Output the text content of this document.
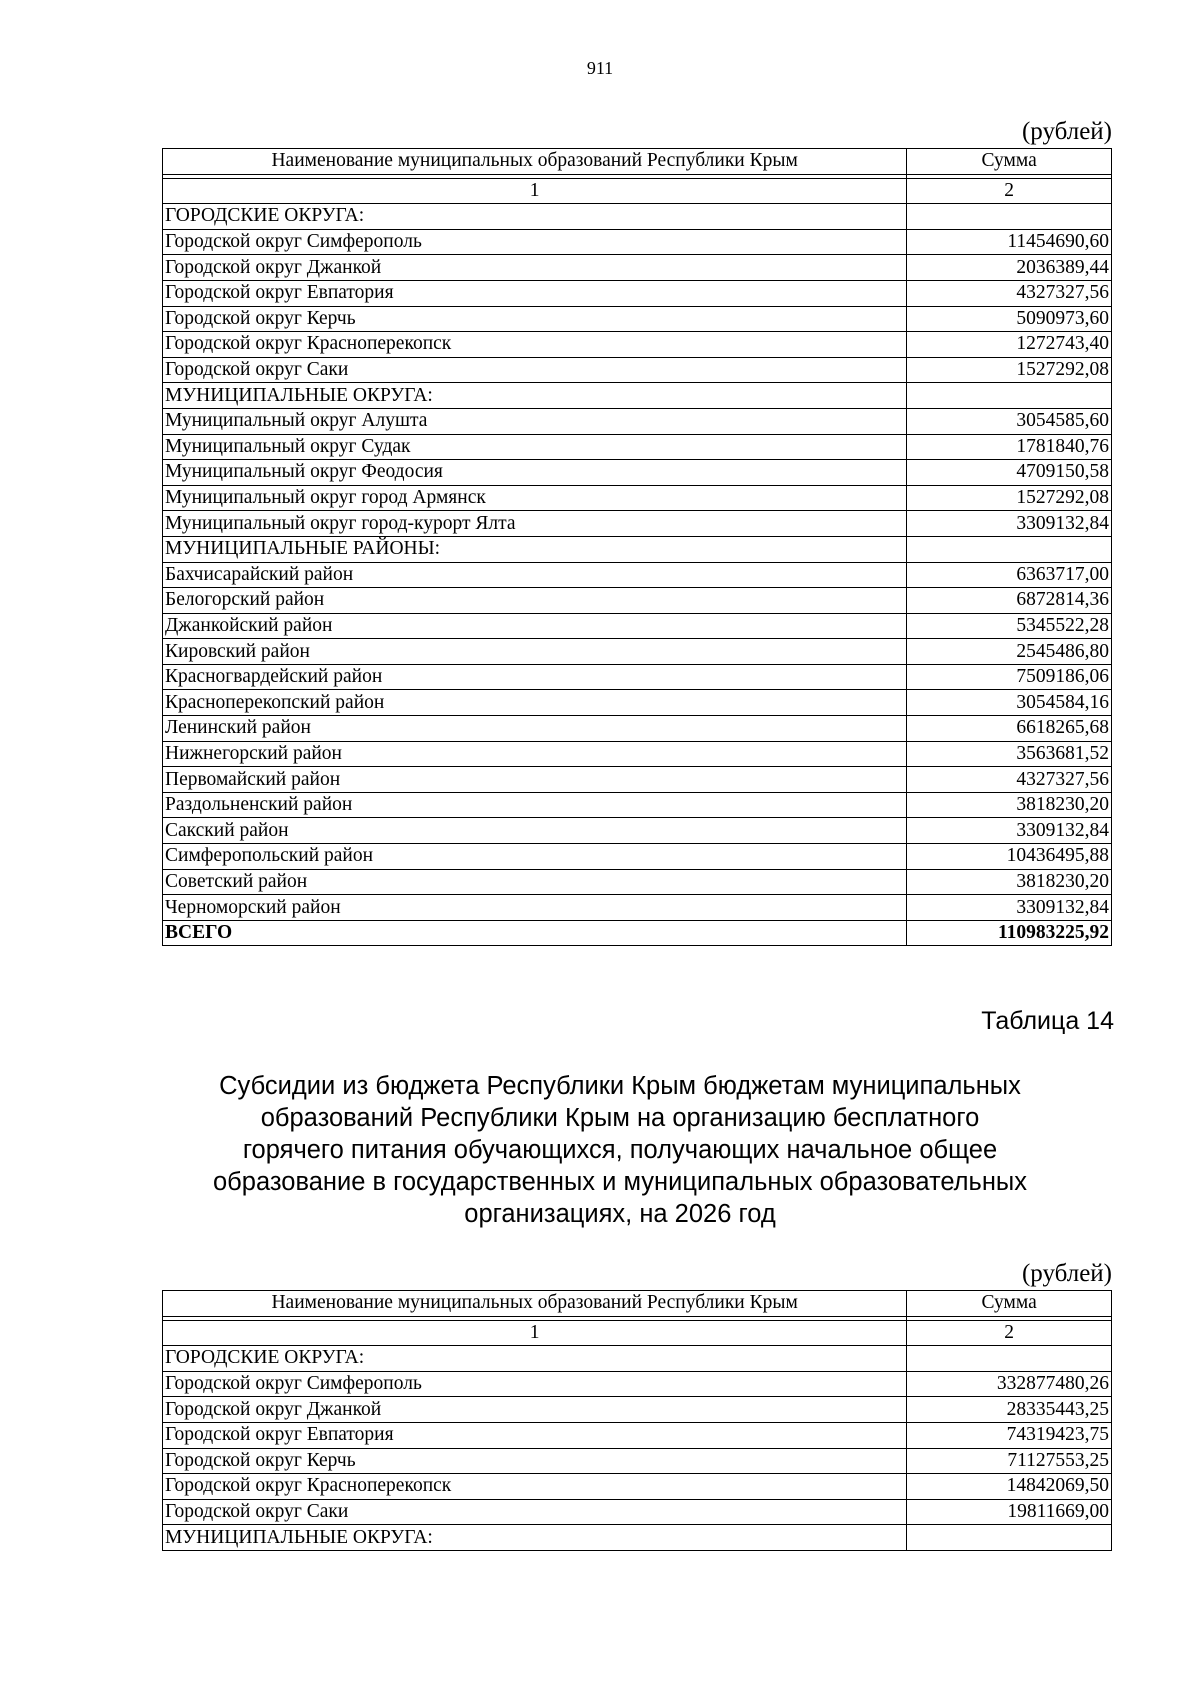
911
(рублей)
Наименование муниципальных образований Республики Крым	Сумма

1	2
ГОРОДСКИЕ ОКРУГА:	
Городской округ Симферополь	11454690,60
Городской округ Джанкой	2036389,44
Городской округ Евпатория	4327327,56
Городской округ Керчь	5090973,60
Городской округ Красноперекопск	1272743,40
Городской округ Саки	1527292,08
МУНИЦИПАЛЬНЫЕ ОКРУГА:	
Муниципальный округ Алушта	3054585,60
Муниципальный округ Судак	1781840,76
Муниципальный округ Феодосия	4709150,58
Муниципальный округ город Армянск	1527292,08
Муниципальный округ город-курорт Ялта	3309132,84
МУНИЦИПАЛЬНЫЕ РАЙОНЫ:	
Бахчисарайский район	6363717,00
Белогорский район	6872814,36
Джанкойский район	5345522,28
Кировский район	2545486,80
Красногвардейский район	7509186,06
Красноперекопский район	3054584,16
Ленинский район	6618265,68
Нижнегорский район	3563681,52
Первомайский район	4327327,56
Раздольненский район	3818230,20
Сакский район	3309132,84
Симферопольский район	10436495,88
Советский район	3818230,20
Черноморский район	3309132,84
ВСЕГО	110983225,92
Таблица 14
Субсидии из бюджета Республики Крым бюджетам муниципальных
образований Республики Крым на организацию бесплатного
горячего питания обучающихся, получающих начальное общее
образование в государственных и муниципальных образовательных
организациях, на 2026 год
(рублей)
Наименование муниципальных образований Республики Крым	Сумма

1	2
ГОРОДСКИЕ ОКРУГА:	
Городской округ Симферополь	332877480,26
Городской округ Джанкой	28335443,25
Городской округ Евпатория	74319423,75
Городской округ Керчь	71127553,25
Городской округ Красноперекопск	14842069,50
Городской округ Саки	19811669,00
МУНИЦИПАЛЬНЫЕ ОКРУГА:	
